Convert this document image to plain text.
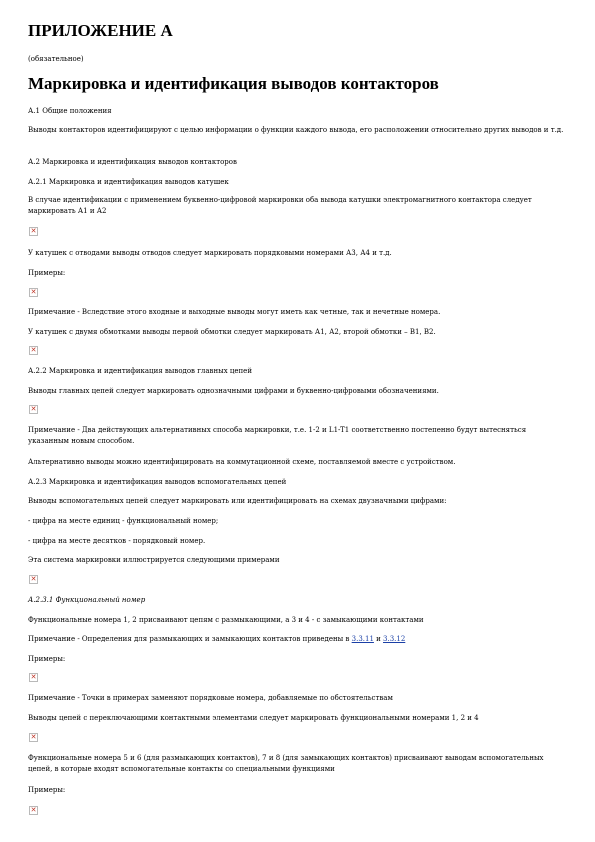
ПРИЛОЖЕНИЕ А

(обязательное)

Маркировка и идентификация выводов контакторов

А.1 Общие положения

Выводы контакторов идентифицируют с целью информации о функции каждого вывода, его расположении относительно других выводов и т.д.

А.2 Маркировка и идентификация выводов контакторов

А.2.1 Маркировка и идентификация выводов катушек

В случае идентификации с применением буквенно-цифровой маркировки оба вывода катушки электромагнитного контактора следует маркировать А1 и А2

✕

У катушек с отводами выводы отводов следует маркировать порядковыми номерами А3, А4 и т.д.

Примеры:

✕

Примечание - Вследствие этого входные и выходные выводы могут иметь как четные, так и нечетные номера.

У катушек с двумя обмотками выводы первой обмотки следует маркировать А1, А2, второй обмотки – В1, В2.

✕

А.2.2 Маркировка и идентификация выводов главных цепей

Выводы главных цепей следует маркировать однозначными цифрами и буквенно-цифровыми обозначениями.

✕

Примечание - Два действующих альтернативных способа маркировки, т.е. 1-2 и L1-T1 соответственно постепенно будут вытесняться указанным новым способом.

Альтернативно выводы можно идентифицировать на коммутационной схеме, поставляемой вместе с устройством.

А.2.3 Маркировка и идентификация выводов вспомогательных цепей

Выводы вспомогательных цепей следует маркировать или идентифицировать на схемах двузначными цифрами:

- цифра на месте единиц - функциональный номер;

- цифра на месте десятков - порядковый номер.

Эта система маркировки иллюстрируется следующими примерами

✕

А.2.3.1 Функциональный номер

Функциональные номера 1, 2 присваивают цепям с размыкающими, а 3 и 4 - с замыкающими контактами

Примечание - Определения для размыкающих и замыкающих контактов приведены в 3.3.11 и 3.3.12

Примеры:

✕

Примечание - Точки в примерах заменяют порядковые номера, добавляемые по обстоятельствам

Выводы цепей с переключающими контактными элементами следует маркировать функциональными номерами 1, 2 и 4

✕

Функциональные номера 5 и 6 (для размыкающих контактов), 7 и 8 (для замыкающих контактов) присваивают выводам вспомогательных цепей, в которые входят вспомогательные контакты со специальными функциями

Примеры:

✕
